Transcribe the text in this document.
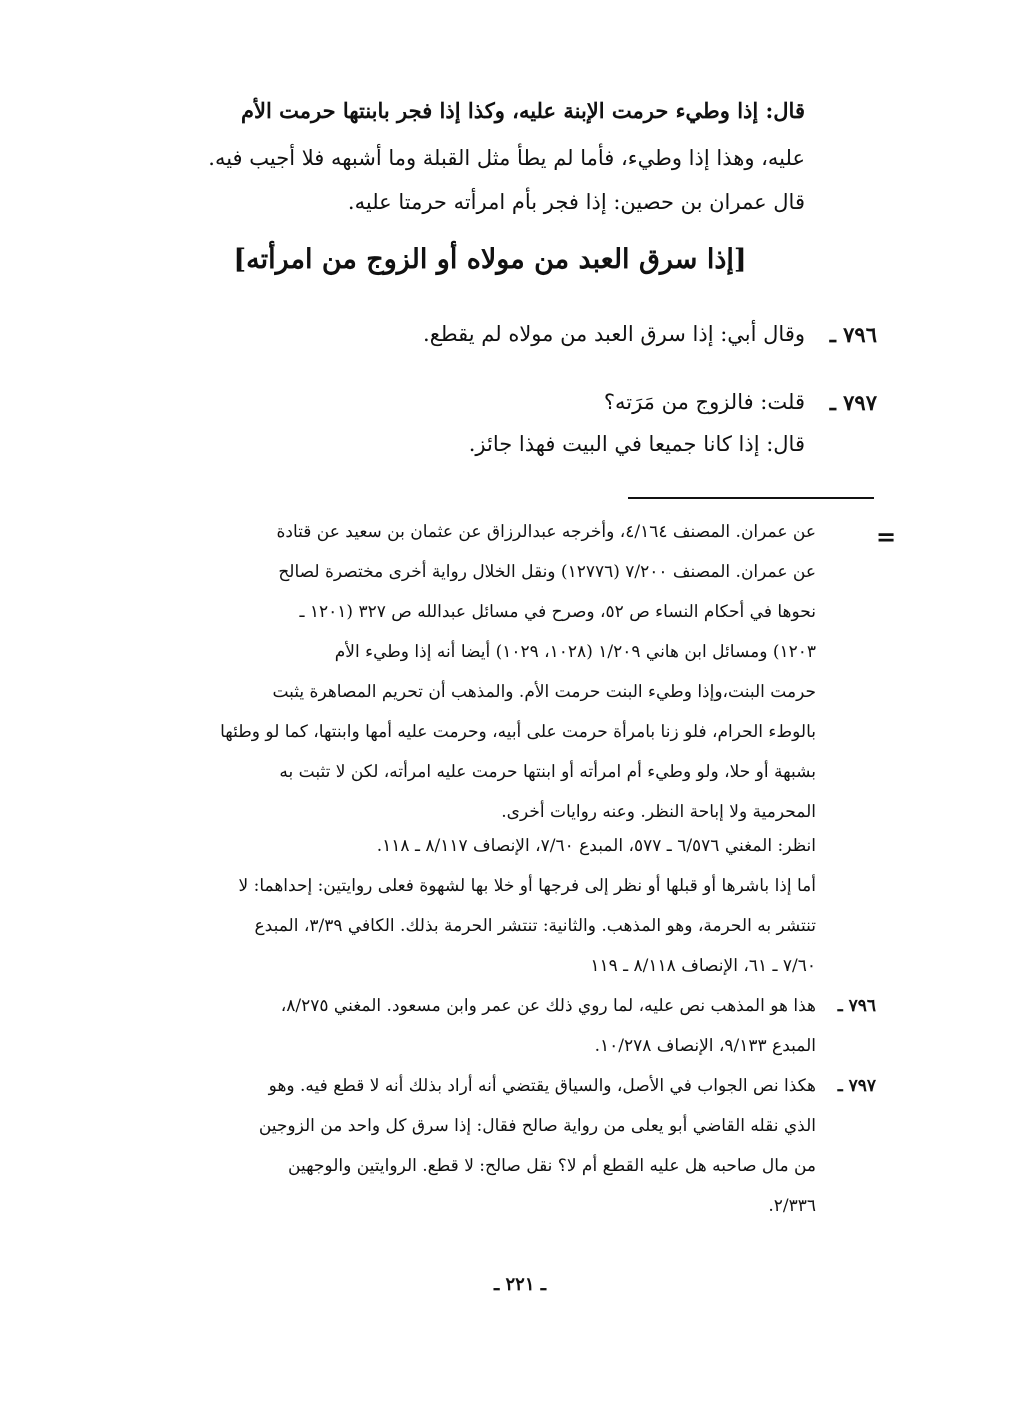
قال: إذا وطيء حرمت الإبنة عليه، وكذا إذا فجر بابنتها حرمت الأم
عليه، وهذا إذا وطيء، فأما لم يطأ مثل القبلة وما أشبهه فلا أجيب فيه.
قال عمران بن حصين: إذا فجر بأم امرأته حرمتا عليه.
[إذا سرق العبد من مولاه أو الزوج من امرأته]
٧٩٦ ـ
وقال أبي: إذا سرق العبد من مولاه لم يقطع.
٧٩٧ ـ
قلت: فالزوج من مَرَته؟
قال: إذا كانا جميعا في البيت فهذا جائز.
=
عن عمران. المصنف ٤/١٦٤، وأخرجه عبدالرزاق عن عثمان بن سعيد عن قتادة
عن عمران. المصنف ٧/٢٠٠ (١٢٧٧٦) ونقل الخلال رواية أخرى مختصرة لصالح
نحوها في أحكام النساء ص ٥٢، وصرح في مسائل عبدالله ص ٣٢٧ (١٢٠١ ـ
١٢٠٣) ومسائل ابن هاني ١/٢٠٩ (١٠٢٨، ١٠٢٩) أيضا أنه إذا وطيء الأم
حرمت البنت،وإذا وطيء البنت حرمت الأم. والمذهب أن تحريم المصاهرة يثبت
بالوطء الحرام، فلو زنا بامرأة حرمت على أبيه، وحرمت عليه أمها وابنتها، كما لو وطئها
بشبهة أو حلا، ولو وطيء أم امرأته أو ابنتها حرمت عليه امرأته، لكن لا تثبت به
المحرمية ولا إباحة النظر. وعنه روايات أخرى.
انظر: المغني ٦/٥٧٦ ـ ٥٧٧، المبدع ٧/٦٠، الإنصاف ٨/١١٧ ـ ١١٨.
أما إذا باشرها أو قبلها أو نظر إلى فرجها أو خلا بها لشهوة فعلى روايتين: إحداهما: لا
تنتشر به الحرمة، وهو المذهب. والثانية: تنتشر الحرمة بذلك. الكافي ٣/٣٩، المبدع
٧/٦٠ ـ ٦١، الإنصاف ٨/١١٨ ـ ١١٩
٧٩٦ ـ
هذا هو المذهب نص عليه، لما روي ذلك عن عمر وابن مسعود. المغني ٨/٢٧٥،
المبدع ٩/١٣٣، الإنصاف ١٠/٢٧٨.
٧٩٧ ـ
هكذا نص الجواب في الأصل، والسياق يقتضي أنه أراد بذلك أنه لا قطع فيه. وهو
الذي نقله القاضي أبو يعلى من رواية صالح فقال: إذا سرق كل واحد من الزوجين
من مال صاحبه هل عليه القطع أم لا؟ نقل صالح: لا قطع. الروايتين والوجهين
٢/٣٣٦.
ـ ٢٢١ ـ
